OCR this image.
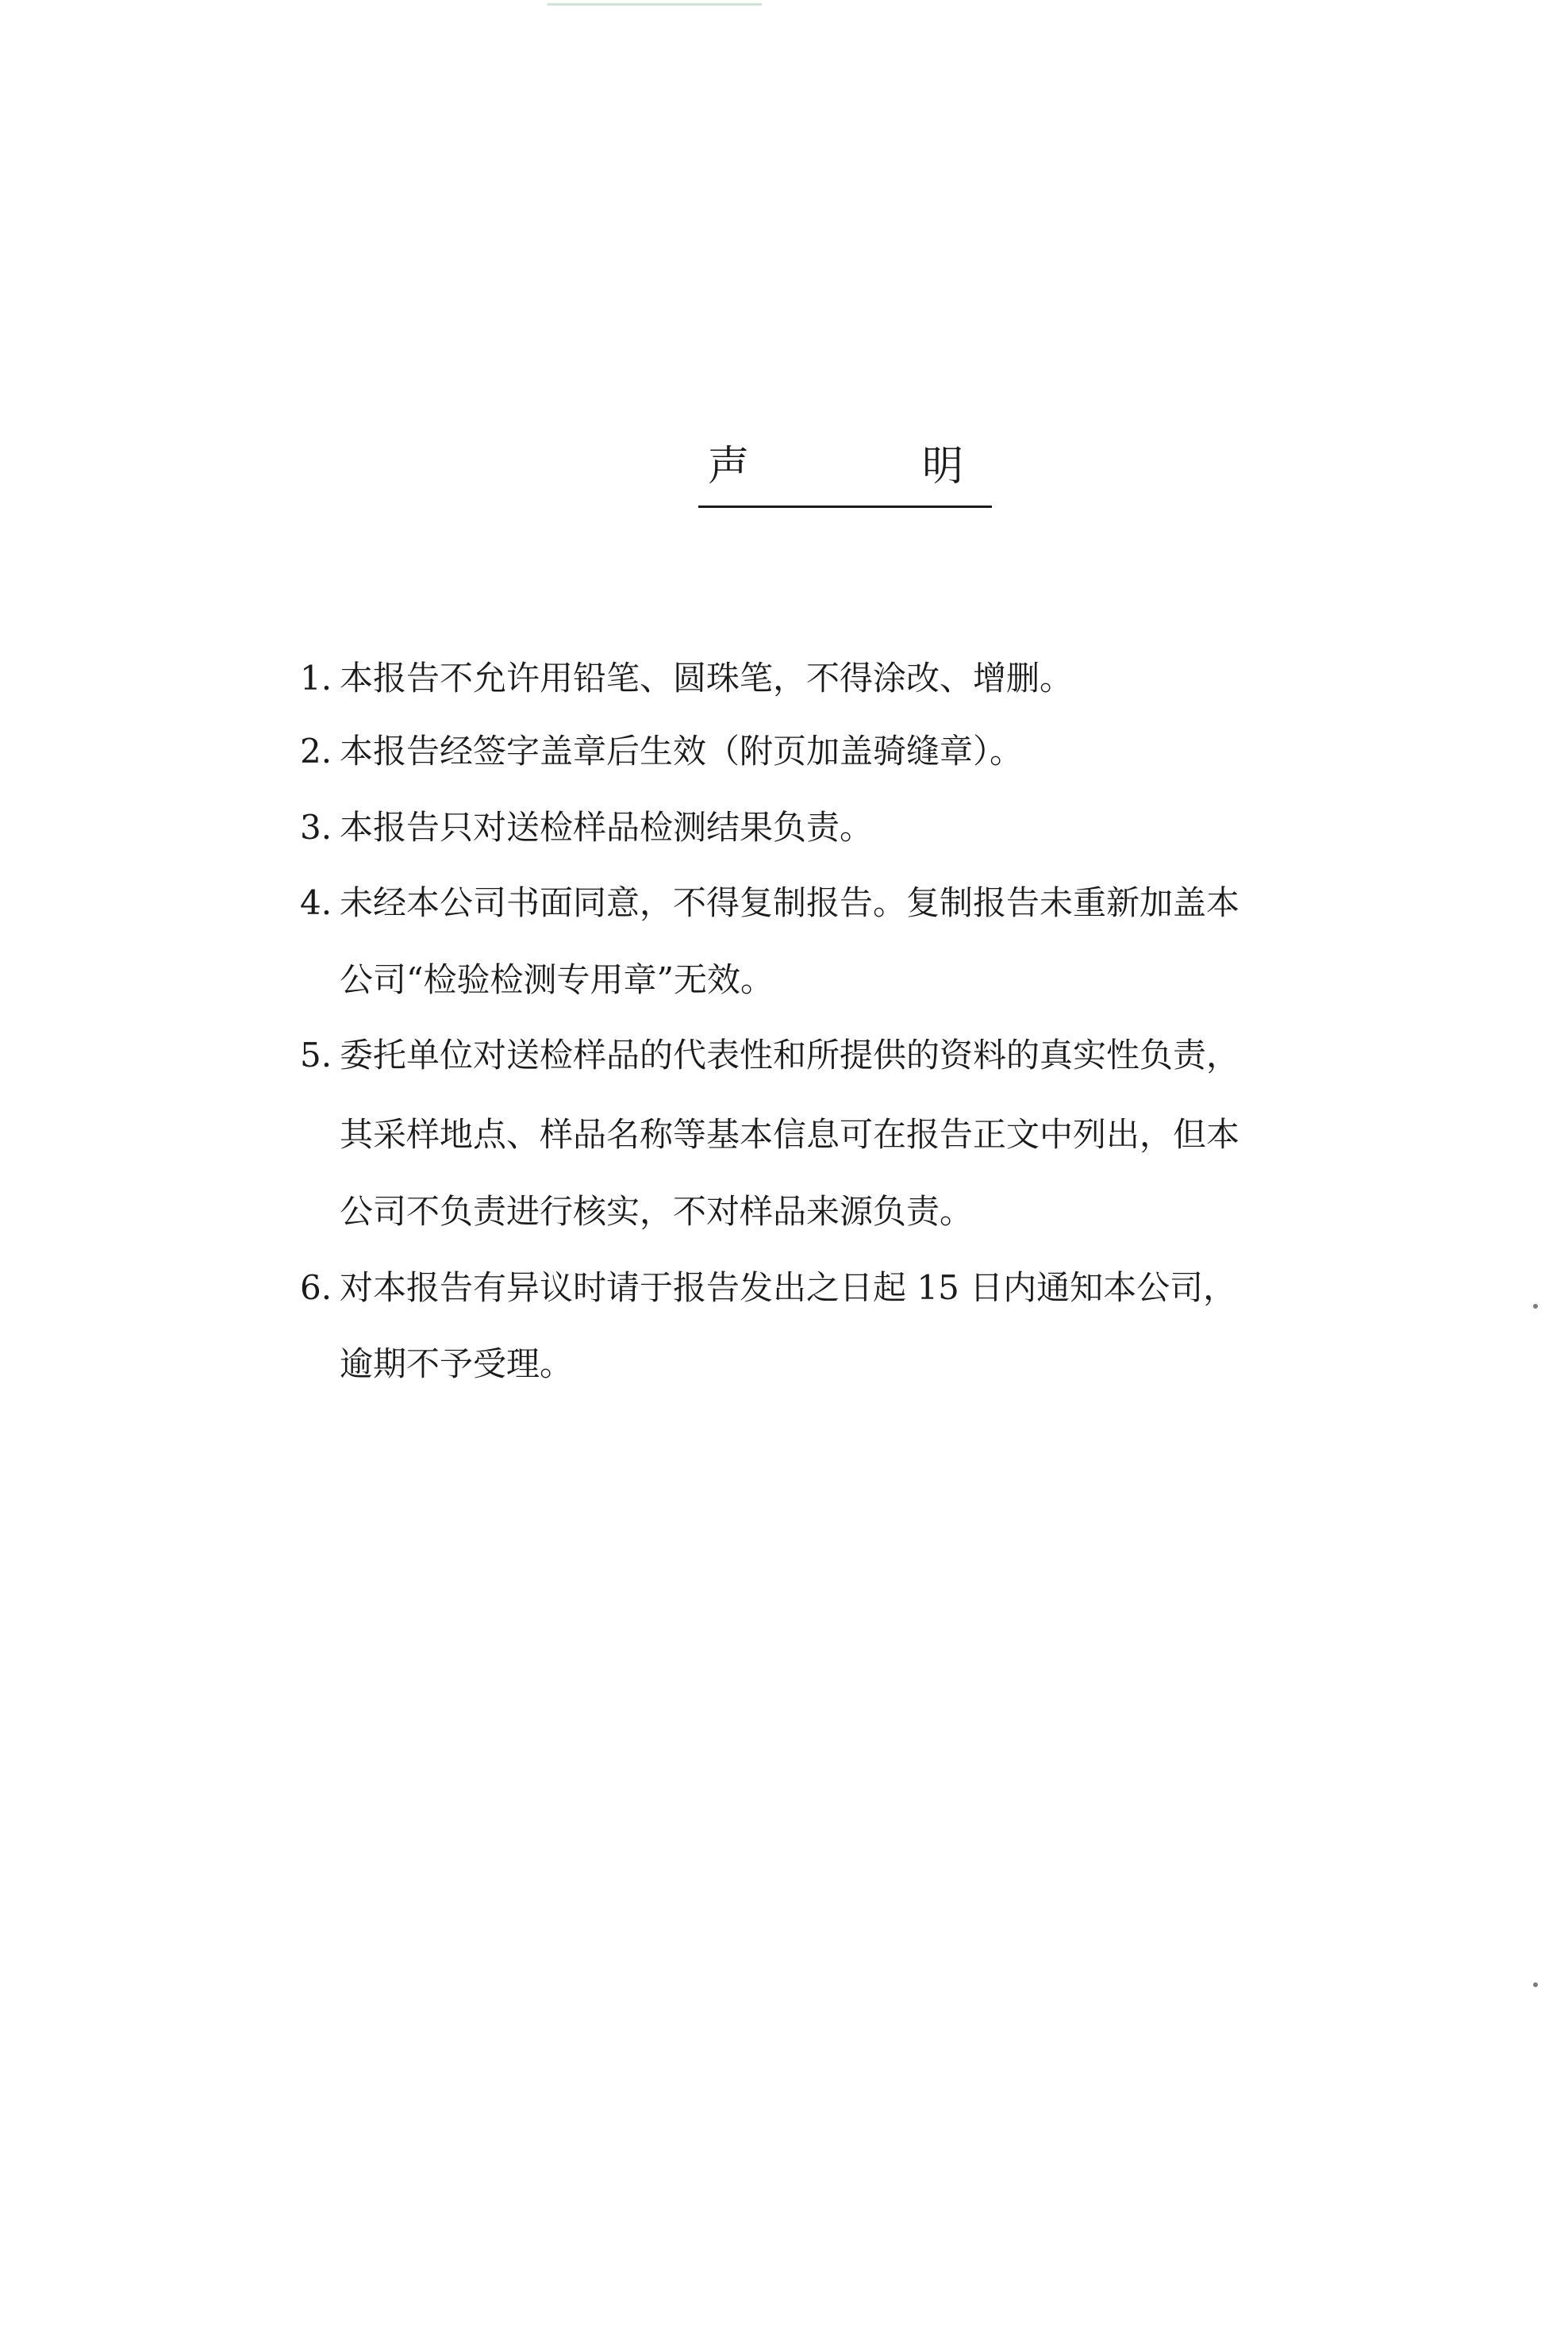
声	明
1. 本报告不允许用铅笔、圆珠笔，不得涂改、增删。
2. 本报告经签字盖章后生效（附页加盖骑缝章）。
3. 本报告只对送检样品检测结果负责。
4. 未经本公司书面同意，不得复制报告。复制报告未重新加盖本
公司“检验检测专用章”无效。
5. 委托单位对送检样品的代表性和所提供的资料的真实性负责，
其采样地点、样品名称等基本信息可在报告正文中列出，但本
公司不负责进行核实，不对样品来源负责。
6. 对本报告有异议时请于报告发出之日起 15 日内通知本公司，
逾期不予受理。
